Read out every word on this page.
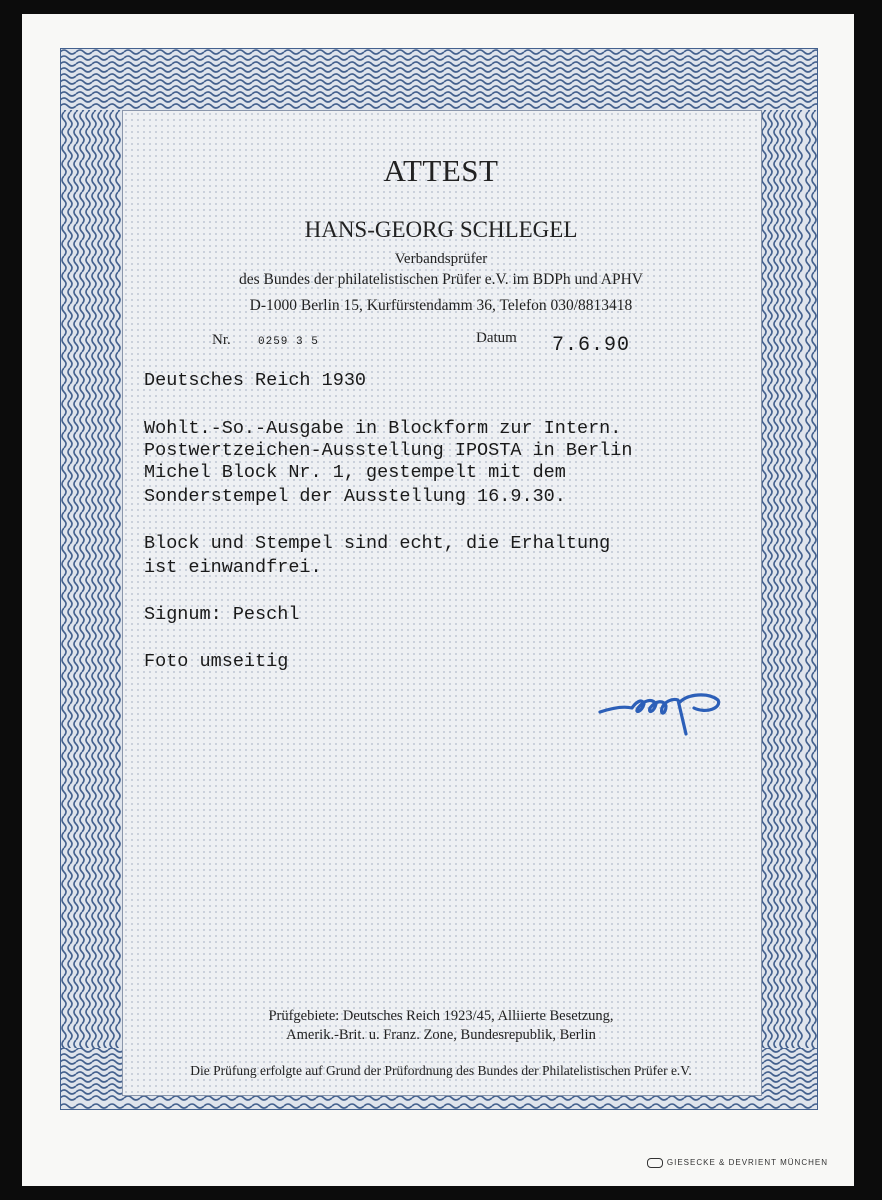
ATTEST
HANS-GEORG SCHLEGEL
Verbandsprüfer
des Bundes der philatelistischen Prüfer e.V. im BDPh und APHV
D-1000 Berlin 15, Kurfürstendamm 36, Telefon 030/8813418
Nr. 0259 3 5	Datum 7.6.90
Deutsches Reich 1930
Wohlt.-So.-Ausgabe in Blockform zur Intern.
Postwertzeichen-Ausstellung IPOSTA in Berlin
Michel Block Nr. 1, gestempelt mit dem
Sonderstempel der Ausstellung 16.9.30.
Block und Stempel sind echt, die Erhaltung
ist einwandfrei.
Signum: Peschl
Foto umseitig
Prüfgebiete: Deutsches Reich 1923/45, Alliierte Besetzung,
Amerik.-Brit. u. Franz. Zone, Bundesrepublik, Berlin
Die Prüfung erfolgte auf Grund der Prüfordnung des Bundes der Philatelistischen Prüfer e.V.
GIESECKE & DEVRIENT MÜNCHEN
